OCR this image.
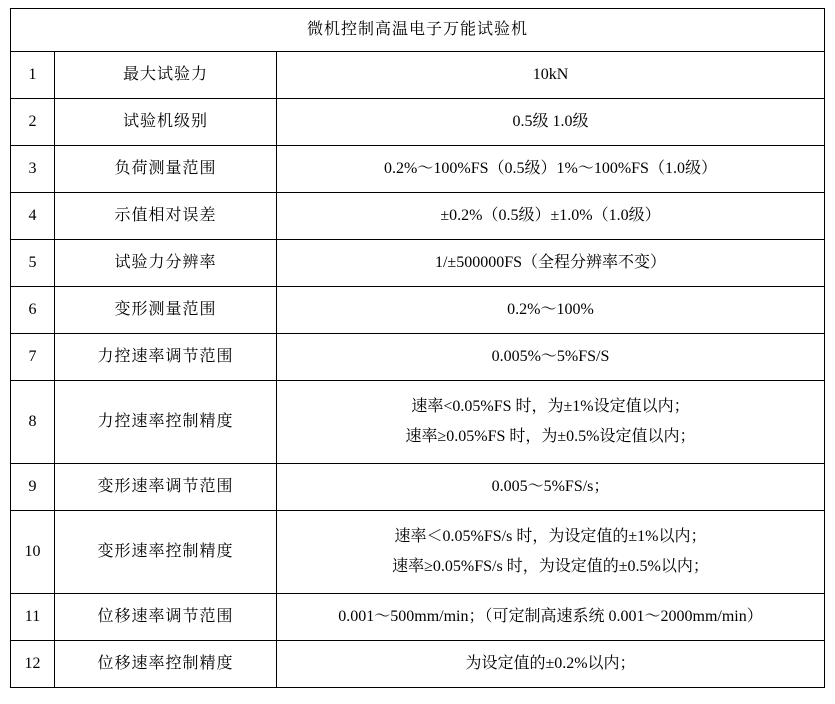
微机控制高温电子万能试验机		
1	最大试验力	10kN
2	试验机级别	0.5级 1.0级
3	负荷测量范围	0.2%～100%FS（0.5级）1%～100%FS（1.0级）
4	示值相对误差	±0.2%（0.5级）±1.0%（1.0级）
5	试验力分辨率	1/±500000FS（全程分辨率不变）
6	变形测量范围	0.2%～100%
7	力控速率调节范围	0.005%～5%FS/S
8	力控速率控制精度	速率<0.05%FS 时，为±1%设定值以内；
速率≥0.05%FS 时，为±0.5%设定值以内；

9	变形速率调节范围	0.005～5%FS/s；
10	变形速率控制精度	速率＜0.05%FS/s 时，为设定值的±1%以内；
速率≥0.05%FS/s 时，为设定值的±0.5%以内；

11	位移速率调节范围	0.001～500mm/min；（可定制高速系统 0.001～2000mm/min）
12	位移速率控制精度	为设定值的±0.2%以内；
